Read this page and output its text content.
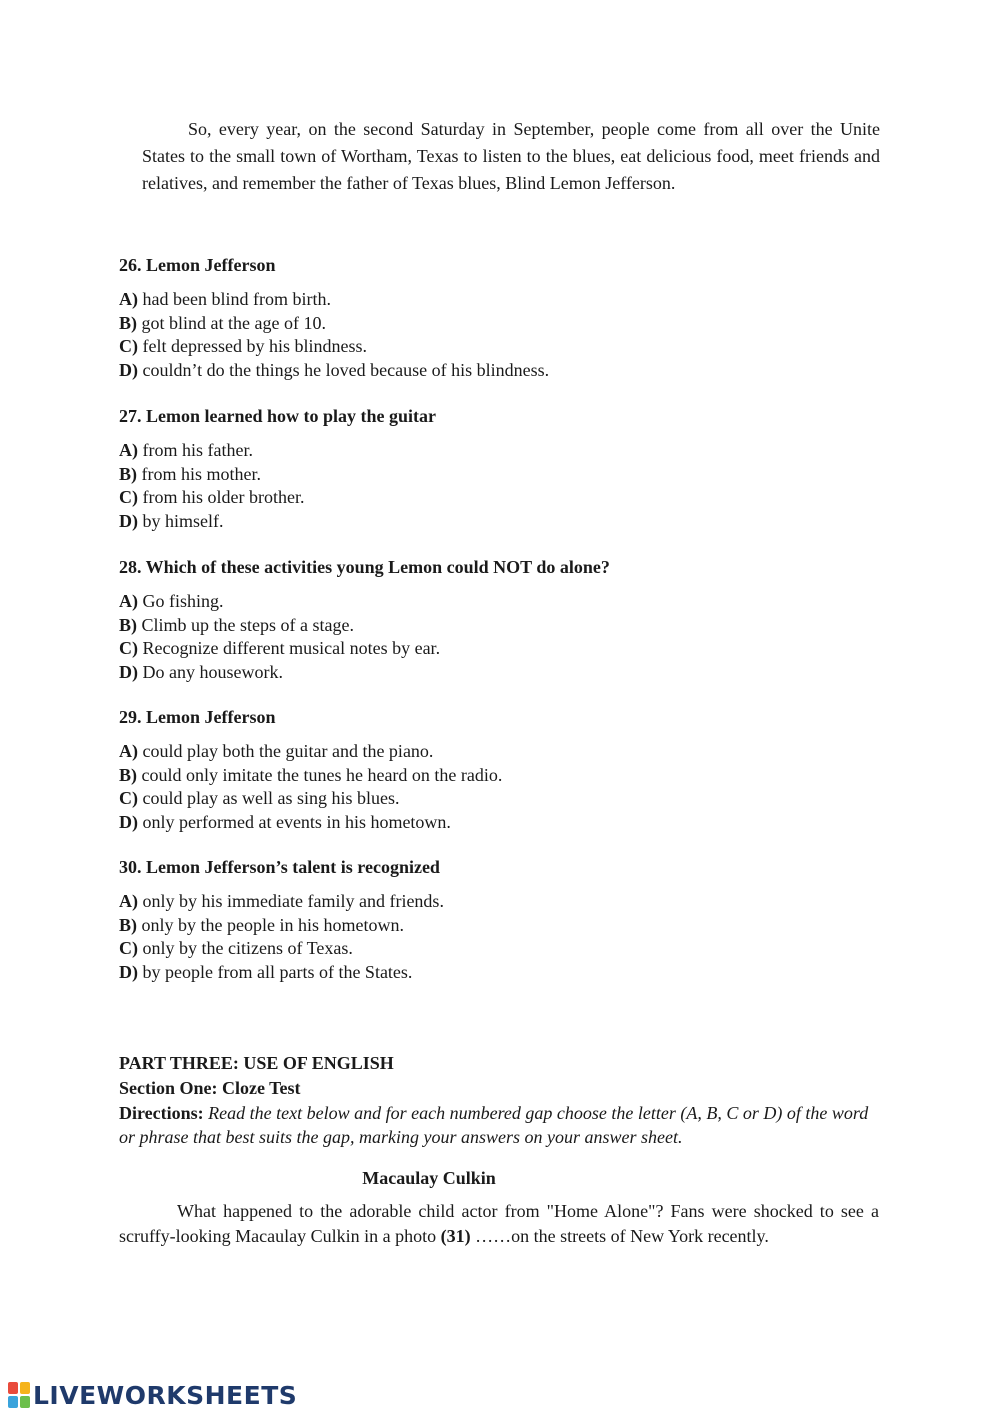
So, every year, on the second Saturday in September, people come from all over the Unite States to the small town of Wortham, Texas to listen to the blues, eat delicious food, meet friends and relatives, and remember the father of Texas blues, Blind Lemon Jefferson.

26. Lemon Jefferson

A) had been blind from birth.

B) got blind at the age of 10.

C) felt depressed by his blindness.

D) couldn’t do the things he loved because of his blindness.

27. Lemon learned how to play the guitar

A) from his father.

B) from his mother.

C) from his older brother.

D) by himself.

28. Which of these activities young Lemon could NOT do alone?

A) Go fishing.

B) Climb up the steps of a stage.

C) Recognize different musical notes by ear.

D) Do any housework.

29. Lemon Jefferson

A) could play both the guitar and the piano.

B) could only imitate the tunes he heard on the radio.

C) could play as well as sing his blues.

D) only performed at events in his hometown.

30. Lemon Jefferson’s talent is recognized

A) only by his immediate family and friends.

B) only by the people in his hometown.

C) only by the citizens of Texas.

D) by people from all parts of the States.

PART THREE: USE OF ENGLISH

Section One: Cloze Test

Directions: Read the text below and for each numbered gap choose the letter (A, B, C or D) of the word or phrase that best suits the gap, marking your answers on your answer sheet.

Macaulay Culkin

What happened to the adorable child actor from "Home Alone"? Fans were shocked to see a scruffy-looking Macaulay Culkin in a photo (31) ……on the streets of New York recently.

LIVEWORKSHEETS
